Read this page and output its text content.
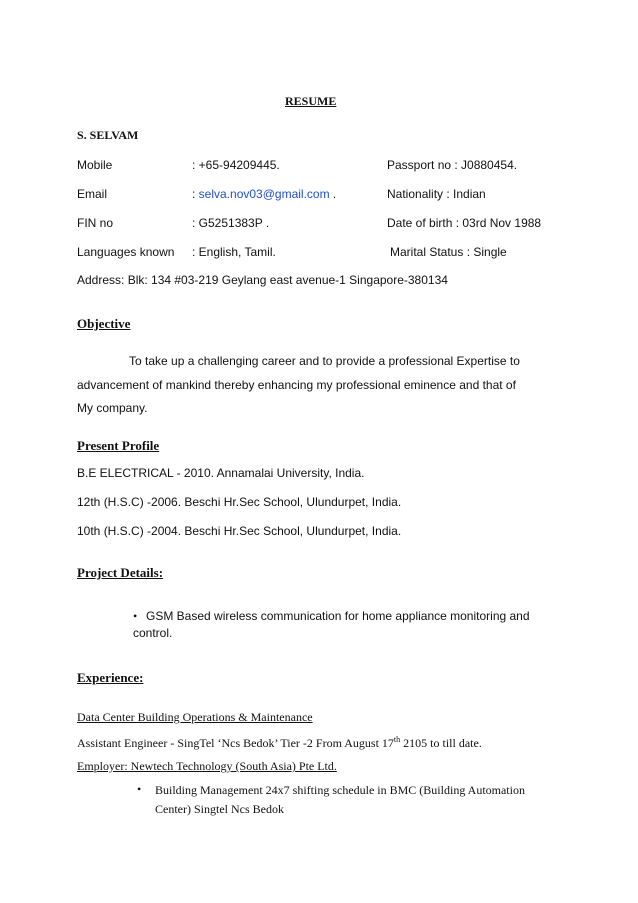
RESUME
S. SELVAM
Mobile	: +65-94209445.	Passport no : J0880454.
Email	: selva.nov03@gmail.com .	Nationality : Indian
FIN no	: G5251383P .	Date of birth : 03rd Nov 1988
Languages known : English, Tamil.	Marital Status : Single
Address: Blk: 134 #03-219 Geylang east avenue-1 Singapore-380134
Objective
To take up a challenging career and to provide a professional Expertise to
advancement of mankind thereby enhancing my professional eminence and that of
My company.
Present Profile
B.E ELECTRICAL - 2010. Annamalai University, India.
12th (H.S.C) -2006. Beschi Hr.Sec School, Ulundurpet, India.
10th (H.S.C) -2004. Beschi Hr.Sec School, Ulundurpet, India.
Project Details:
• GSM Based wireless communication for home appliance monitoring and
control.
Experience:
Data Center Building Operations & Maintenance
Assistant Engineer - SingTel ‘Ncs Bedok’ Tier -2 From August 17th 2105 to till date.
Employer: Newtech Technology (South Asia) Pte Ltd.
• Building Management 24x7 shifting schedule in BMC (Building Automation
Center) Singtel Ncs Bedok
